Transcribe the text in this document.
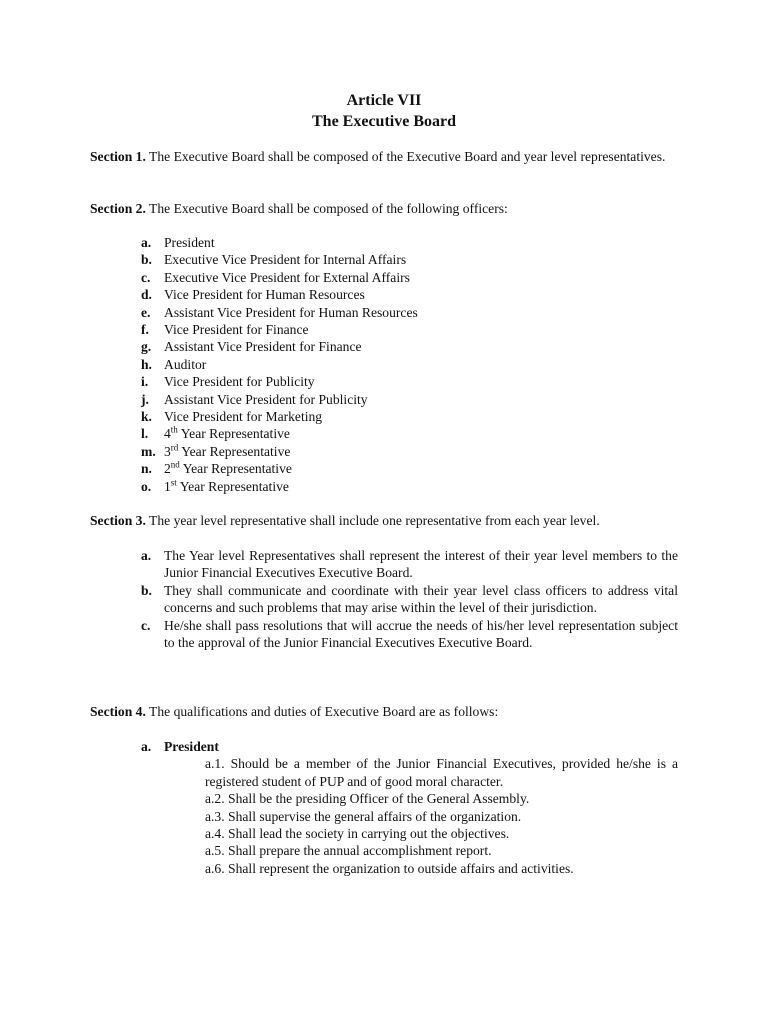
Article VII
The Executive Board
Section 1. The Executive Board shall be composed of the Executive Board and year level representatives.
Section 2. The Executive Board shall be composed of the following officers:
a. President
b. Executive Vice President for Internal Affairs
c. Executive Vice President for External Affairs
d. Vice President for Human Resources
e. Assistant Vice President for Human Resources
f. Vice President for Finance
g. Assistant Vice President for Finance
h. Auditor
i. Vice President for Publicity
j. Assistant Vice President for Publicity
k. Vice President for Marketing
l. 4th Year Representative
m. 3rd Year Representative
n. 2nd Year Representative
o. 1st Year Representative
Section 3. The year level representative shall include one representative from each year level.
a. The Year level Representatives shall represent the interest of their year level members to the Junior Financial Executives Executive Board.
b. They shall communicate and coordinate with their year level class officers to address vital concerns and such problems that may arise within the level of their jurisdiction.
c. He/she shall pass resolutions that will accrue the needs of his/her level representation subject to the approval of the Junior Financial Executives Executive Board.
Section 4. The qualifications and duties of Executive Board are as follows:
a. President
a.1. Should be a member of the Junior Financial Executives, provided he/she is a registered student of PUP and of good moral character.
a.2. Shall be the presiding Officer of the General Assembly.
a.3. Shall supervise the general affairs of the organization.
a.4. Shall lead the society in carrying out the objectives.
a.5. Shall prepare the annual accomplishment report.
a.6. Shall represent the organization to outside affairs and activities.
